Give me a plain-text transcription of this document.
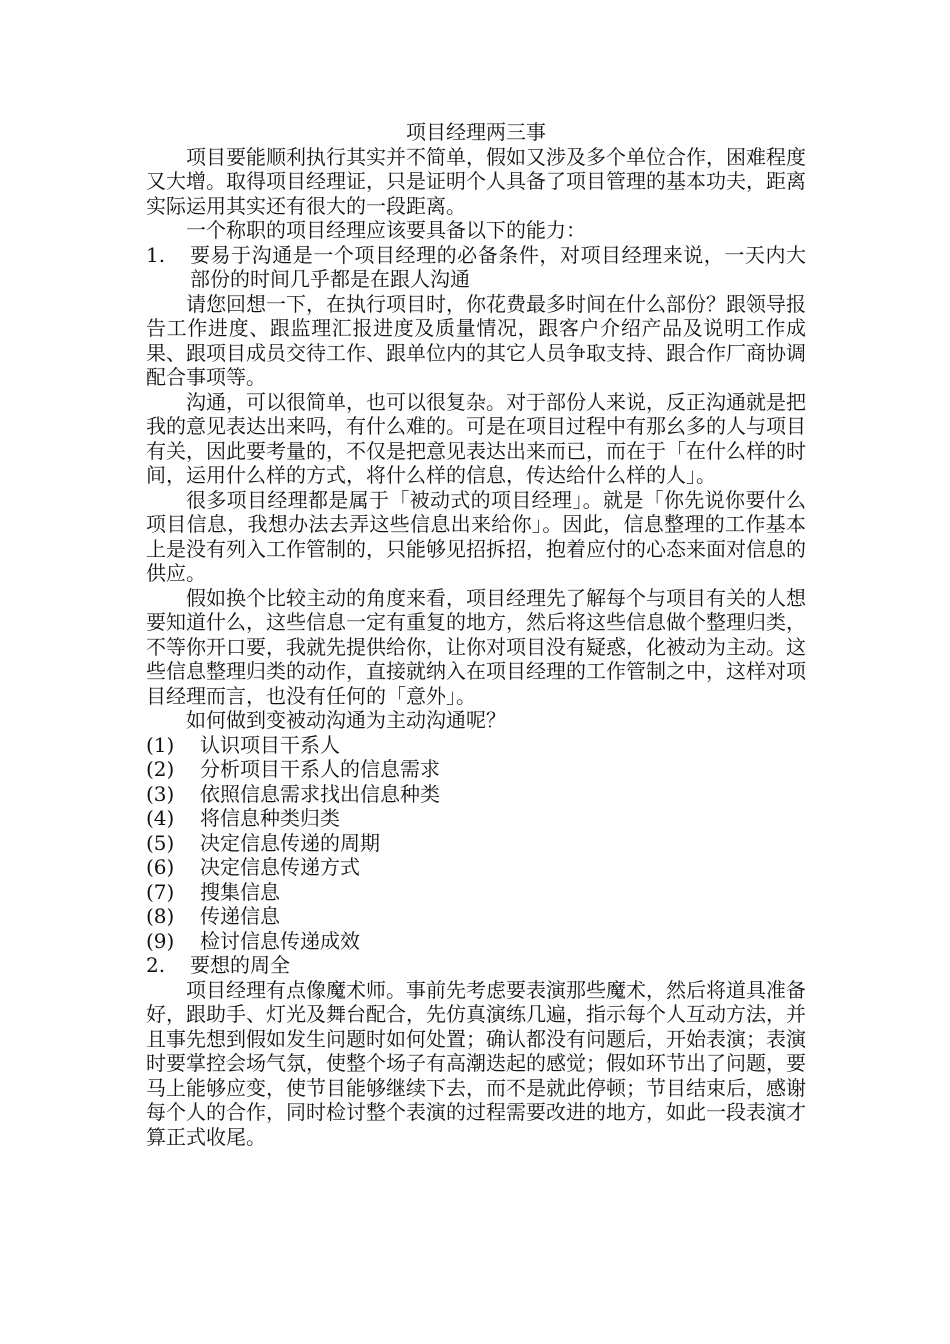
项目经理两三事

项目要能顺利执行其实并不简单，假如又涉及多个单位合作，困难程度又大增。取得项目经理证，只是证明个人具备了项目管理的基本功夫，距离实际运用其实还有很大的一段距离。

一个称职的项目经理应该要具备以下的能力：

1.	要易于沟通是一个项目经理的必备条件，对项目经理来说，一天内大部份的时间几乎都是在跟人沟通

请您回想一下，在执行项目时，你花费最多时间在什么部份？跟领导报告工作进度、跟监理汇报进度及质量情况，跟客户介绍产品及说明工作成果、跟项目成员交待工作、跟单位内的其它人员争取支持、跟合作厂商协调配合事项等。

沟通，可以很简单，也可以很复杂。对于部份人来说，反正沟通就是把我的意见表达出来吗，有什么难的。可是在项目过程中有那幺多的人与项目有关，因此要考量的，不仅是把意见表达出来而已，而在于「在什么样的时间，运用什么样的方式，将什么样的信息，传达给什么样的人」。

很多项目经理都是属于「被动式的项目经理」。就是「你先说你要什么项目信息，我想办法去弄这些信息出来给你」。因此，信息整理的工作基本上是没有列入工作管制的，只能够见招拆招，抱着应付的心态来面对信息的供应。

假如换个比较主动的角度来看，项目经理先了解每个与项目有关的人想要知道什么，这些信息一定有重复的地方，然后将这些信息做个整理归类，不等你开口要，我就先提供给你，让你对项目没有疑惑，化被动为主动。这些信息整理归类的动作，直接就纳入在项目经理的工作管制之中，这样对项目经理而言，也没有任何的「意外」。

如何做到变被动沟通为主动沟通呢？

(1)	认识项目干系人
(2)	分析项目干系人的信息需求
(3)	依照信息需求找出信息种类
(4)	将信息种类归类
(5)	决定信息传递的周期
(6)	决定信息传递方式
(7)	搜集信息
(8)	传递信息
(9)	检讨信息传递成效
2.	要想的周全

项目经理有点像魔术师。事前先考虑要表演那些魔术，然后将道具准备好，跟助手、灯光及舞台配合，先仿真演练几遍，指示每个人互动方法，并且事先想到假如发生问题时如何处置；确认都没有问题后，开始表演；表演时要掌控会场气氛，使整个场子有高潮迭起的感觉；假如环节出了问题，要马上能够应变，使节目能够继续下去，而不是就此停顿；节目结束后，感谢每个人的合作，同时检讨整个表演的过程需要改进的地方，如此一段表演才算正式收尾。
